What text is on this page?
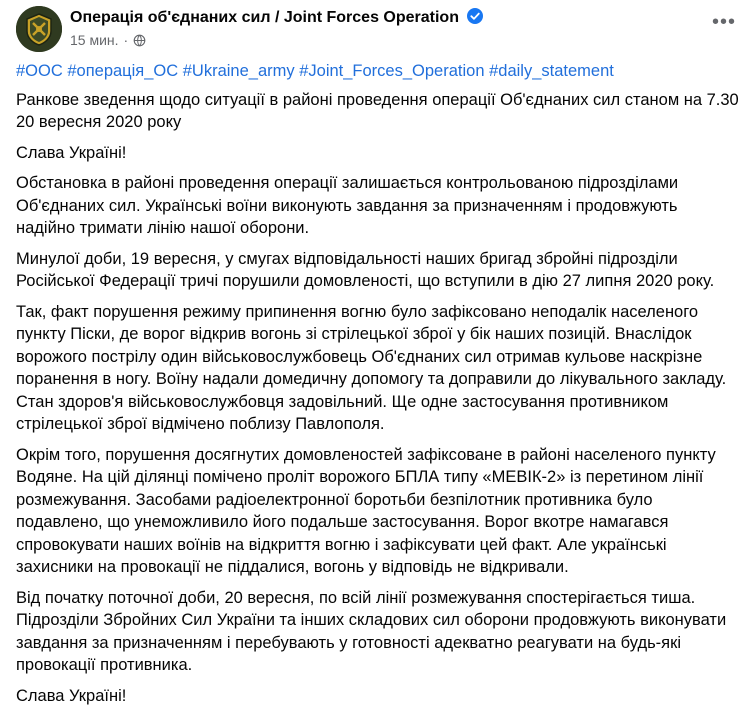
Операція об'єднаних сил / Joint Forces Operation
15 мин. ·
•••
#ООС #операція_ОС #Ukraine_army #Joint_Forces_Operation #daily_statement

Ранкове зведення щодо ситуації в районі проведення операції Об'єднаних сил станом на 7.30 20 вересня 2020 року

Слава Україні!

Обстановка в районі проведення операції залишається контрольованою підрозділами Об'єднаних сил. Українські воїни виконують завдання за призначенням і продовжують надійно тримати лінію нашої оборони.

Минулої доби, 19 вересня, у смугах відповідальності наших бригад збройні підрозділи Російської Федерації тричі порушили домовленості, що вступили в дію 27 липня 2020 року.

Так, факт порушення режиму припинення вогню було зафіксовано неподалік населеного пункту Піски, де ворог відкрив вогонь зі стрілецької зброї у бік наших позицій. Внаслідок ворожого пострілу один військовослужбовець Об'єднаних сил отримав кульове наскрізне поранення в ногу. Воїну надали домедичну допомогу та доправили до лікувального закладу. Стан здоров'я військовослужбовця задовільний. Ще одне застосування противником стрілецької зброї відмічено поблизу Павлополя.

Окрім того, порушення досягнутих домовленостей зафіксоване в районі населеного пункту Водяне. На цій ділянці помічено проліт ворожого БПЛА типу «МЕВІК-2» із перетином лінії розмежування. Засобами радіоелектронної боротьби безпілотник противника було подавлено, що унеможливило його подальше застосування. Ворог вкотре намагався спровокувати наших воїнів на відкриття вогню і зафіксувати цей факт. Але українські захисники на провокації не піддалися, вогонь у відповідь не відкривали.

Від початку поточної доби, 20 вересня, по всій лінії розмежування спостерігається тиша. Підрозділи Збройних Сил України та інших складових сил оборони продовжують виконувати завдання за призначенням і перебувають у готовності адекватно реагувати на будь-які провокації противника.

Слава Україні!
